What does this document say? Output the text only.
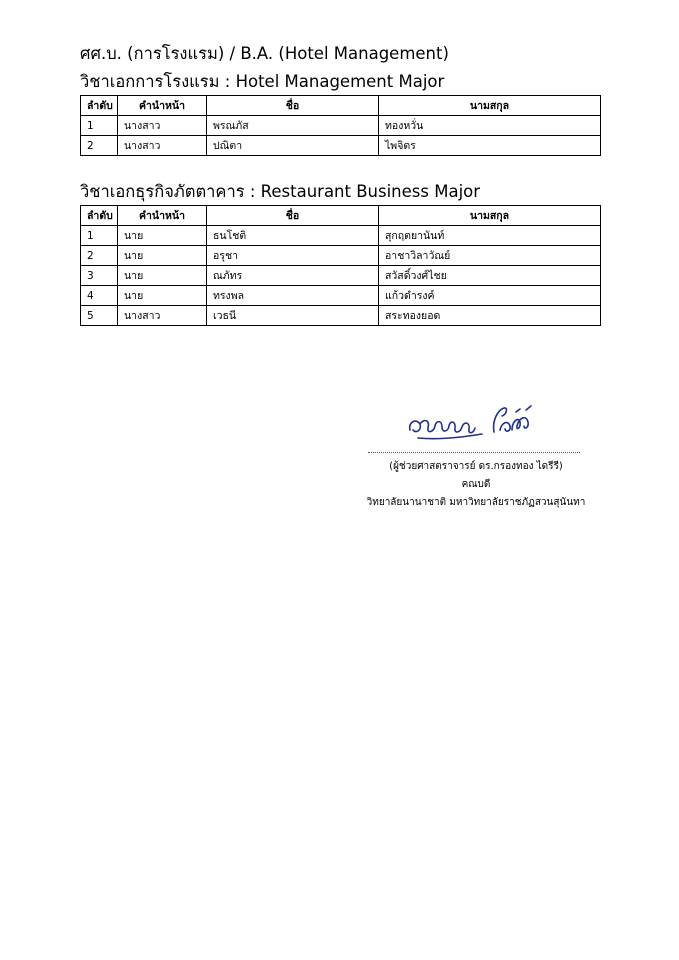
ศศ.บ. (การโรงแรม) / B.A. (Hotel Management)
วิชาเอกการโรงแรม : Hotel Management Major
ลำดับ	คำนำหน้า	ชื่อ	นามสกุล
1	นางสาว	พรณภัส	ทองหวั่น
2	นางสาว	ปณิตา	ไพจิตร
วิชาเอกธุรกิจภัตตาคาร : Restaurant Business Major
ลำดับ	คำนำหน้า	ชื่อ	นามสกุล
1	นาย	ธนโชติ	สุกฤตยานันท์
2	นาย	อรุชา	อาชาวิลาวัณย์
3	นาย	ณภัทร	สวัสดิ์วงศ์ไชย
4	นาย	ทรงพล	แก้วดำรงค์
5	นางสาว	เวธนี	สระทองยอด
(ผู้ช่วยศาสตราจารย์ ดร.กรองทอง ไดรีรี)
คณบดี
วิทยาลัยนานาชาติ มหาวิทยาลัยราชภัฏสวนสุนันทา
